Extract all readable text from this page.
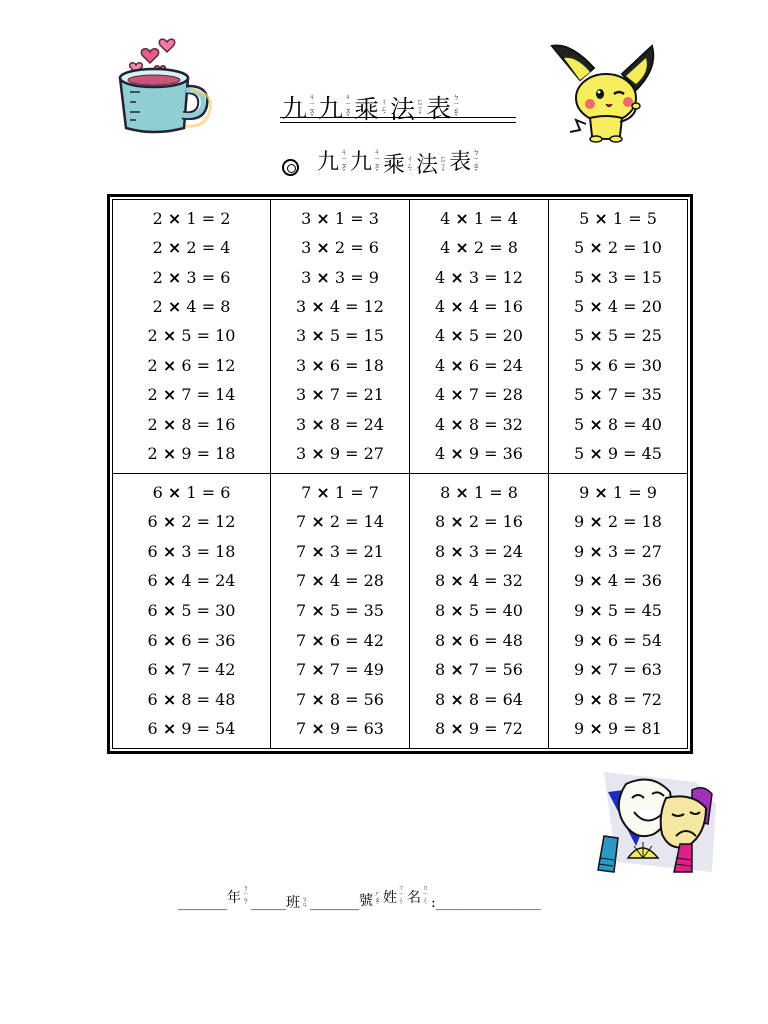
九 ㄐ
ㄧ
ㄡ
ˇ 九 ㄐ
ㄧ
ㄡ
ˇ 乘 ㄔ
ㄥ
ˊ 法 ㄈ
ㄚ
ˇ 表 ㄅ
ㄧ
ㄠ
ˇ
九 ㄐ
ㄧ
ㄡ
ˇ 九 ㄐ
ㄧ
ㄡ
ˇ 乘 ㄔ
ㄥ
ˊ 法 ㄈ
ㄚ
ˇ 表 ㄅ
ㄧ
ㄠ
ˇ
2 × 1 = 2
2 × 2 = 4
2 × 3 = 6
2 × 4 = 8
2 × 5 = 10
2 × 6 = 12
2 × 7 = 14
2 × 8 = 16
2 × 9 = 18
3 × 1 = 3
3 × 2 = 6
3 × 3 = 9
3 × 4 = 12
3 × 5 = 15
3 × 6 = 18
3 × 7 = 21
3 × 8 = 24
3 × 9 = 27
4 × 1 = 4
4 × 2 = 8
4 × 3 = 12
4 × 4 = 16
4 × 5 = 20
4 × 6 = 24
4 × 7 = 28
4 × 8 = 32
4 × 9 = 36
5 × 1 = 5
5 × 2 = 10
5 × 3 = 15
5 × 4 = 20
5 × 5 = 25
5 × 6 = 30
5 × 7 = 35
5 × 8 = 40
5 × 9 = 45
6 × 1 = 6
6 × 2 = 12
6 × 3 = 18
6 × 4 = 24
6 × 5 = 30
6 × 6 = 36
6 × 7 = 42
6 × 8 = 48
6 × 9 = 54
7 × 1 = 7
7 × 2 = 14
7 × 3 = 21
7 × 4 = 28
7 × 5 = 35
7 × 6 = 42
7 × 7 = 49
7 × 8 = 56
7 × 9 = 63
8 × 1 = 8
8 × 2 = 16
8 × 3 = 24
8 × 4 = 32
8 × 5 = 40
8 × 6 = 48
8 × 7 = 56
8 × 8 = 64
8 × 9 = 72
9 × 1 = 9
9 × 2 = 18
9 × 3 = 27
9 × 4 = 36
9 × 5 = 45
9 × 6 = 54
9 × 7 = 63
9 × 8 = 72
9 × 9 = 81
_______ 年
ㄋ
ㄧ
ㄢ
ˊ _____ 班 ㄅ
ㄢ _______ 號 ㄏ
ㄠ
ˋ
姓
ㄒ
ㄧ
ㄥ
ˋ
名
ㄇ
ㄧ
ㄥ
ˊ :_______________
